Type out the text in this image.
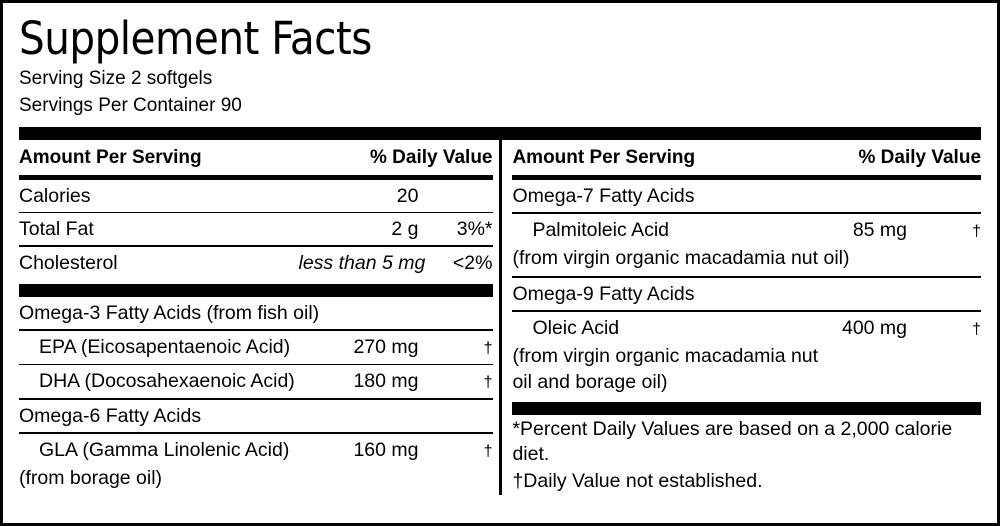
Supplement Facts
Serving Size 2 softgels
Servings Per Container 90
Amount Per Serving	% Daily Value
Calories	20
Total Fat	2 g	3%*
Cholesterol	less than 5 mg	<2%
Omega-3 Fatty Acids (from fish oil)
EPA (Eicosapentaenoic Acid)	270 mg	†
DHA (Docosahexaenoic Acid)	180 mg	†
Omega-6 Fatty Acids
GLA (Gamma Linolenic Acid)	160 mg	†
(from borage oil)
Amount Per Serving	% Daily Value
Omega-7 Fatty Acids
Palmitoleic Acid	85 mg	†
(from virgin organic macadamia nut oil)
Omega-9 Fatty Acids
Oleic Acid	400 mg	†
(from virgin organic macadamia nut
oil and borage oil)
*Percent Daily Values are based on a 2,000 calorie diet.
†Daily Value not established.
